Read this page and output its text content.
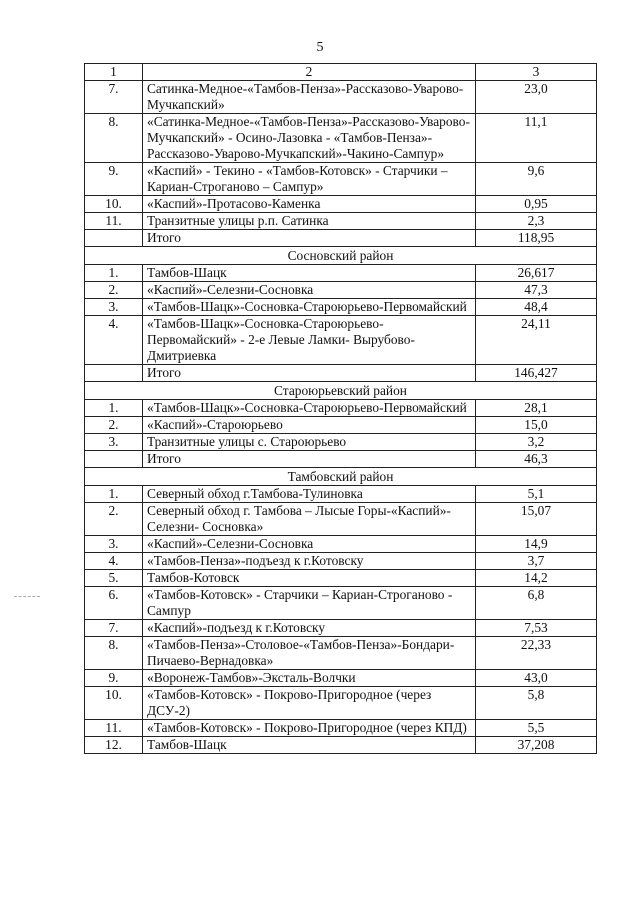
5
1	2	3
7.	Сатинка-Медное-«Тамбов-Пенза»-Рассказово-Уварово-Мучкапский»	23,0
8.	«Сатинка-Медное-«Тамбов-Пенза»-Рассказово-Уварово-Мучкапский» - Осино-Лазовка - «Тамбов-Пенза»-Рассказово-Уварово-Мучкапский»-Чакино-Сампур»	11,1
9.	«Каспий» - Текино - «Тамбов-Котовск» - Старчики – Кариан-Строганово – Сампур»	9,6
10.	«Каспий»-Протасово-Каменка	0,95
11.	Транзитные улицы р.п. Сатинка	2,3
	Итого	118,95
Сосновский район		
1.	Тамбов-Шацк	26,617
2.	«Каспий»-Селезни-Сосновка	47,3
3.	«Тамбов-Шацк»-Сосновка-Староюрьево-Первомайский	48,4
4.	«Тамбов-Шацк»-Сосновка-Староюрьево-Первомайский» - 2-е Левые Ламки- Вырубово-Дмитриевка	24,11
	Итого	146,427
Староюрьевский район		
1.	«Тамбов-Шацк»-Сосновка-Староюрьево-Первомайский	28,1
2.	«Каспий»-Староюрьево	15,0
3.	Транзитные улицы с. Староюрьево	3,2
	Итого	46,3
Тамбовский район		
1.	Северный обход г.Тамбова-Тулиновка	5,1
2.	Северный обход г. Тамбова – Лысые Горы-«Каспий»- Селезни- Сосновка»	15,07
3.	«Каспий»-Селезни-Сосновка	14,9
4.	«Тамбов-Пенза»-подъезд к г.Котовску	3,7
5.	Тамбов-Котовск	14,2
6.	«Тамбов-Котовск» - Старчики – Кариан-Строганово - Сампур	6,8
7.	«Каспий»-подъезд к г.Котовску	7,53
8.	«Тамбов-Пенза»-Столовое-«Тамбов-Пенза»-Бондари-Пичаево-Вернадовка»	22,33
9.	«Воронеж-Тамбов»-Эксталь-Волчки	43,0
10.	«Тамбов-Котовск» - Покрово-Пригородное (через ДСУ-2)	5,8
11.	«Тамбов-Котовск» - Покрово-Пригородное (через КПД)	5,5
12.	Тамбов-Шацк	37,208
